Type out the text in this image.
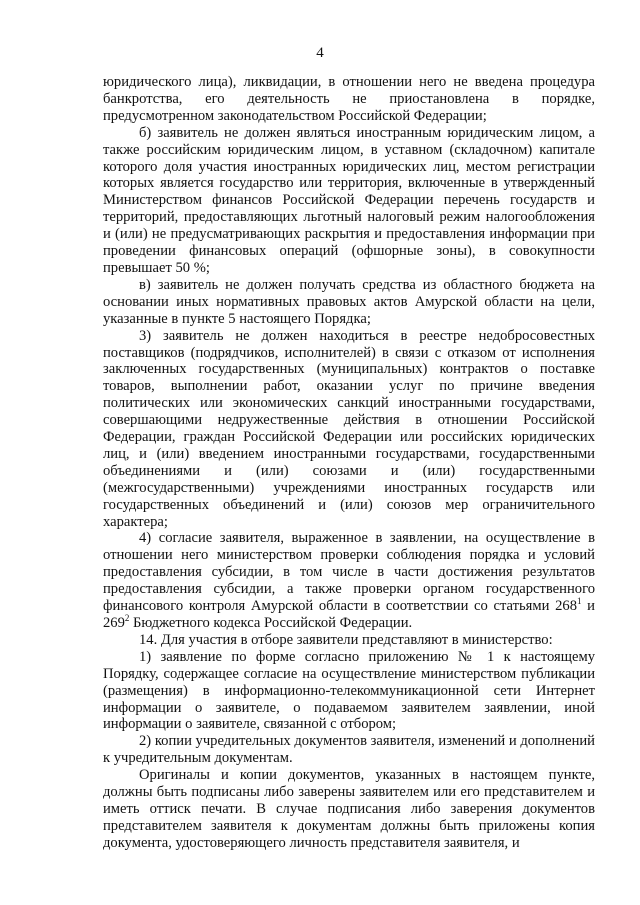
4

юридического лица), ликвидации, в отношении него не введена процедура банкротства, его деятельность не приостановлена в порядке, предусмотренном законодательством Российской Федерации;

б) заявитель не должен являться иностранным юридическим лицом, а также российским юридическим лицом, в уставном (складочном) капитале которого доля участия иностранных юридических лиц, местом регистрации которых является государство или территория, включенные в утвержденный Министерством финансов Российской Федерации перечень государств и территорий, предоставляющих льготный налоговый режим налогообложения и (или) не предусматривающих раскрытия и предоставления информации при проведении финансовых операций (офшорные зоны), в совокупности превышает 50 %;

в) заявитель не должен получать средства из областного бюджета на основании иных нормативных правовых актов Амурской области на цели, указанные в пункте 5 настоящего Порядка;

3) заявитель не должен находиться в реестре недобросовестных поставщиков (подрядчиков, исполнителей) в связи с отказом от исполнения заключенных государственных (муниципальных) контрактов о поставке товаров, выполнении работ, оказании услуг по причине введения политических или экономических санкций иностранными государствами, совершающими недружественные действия в отношении Российской Федерации, граждан Российской Федерации или российских юридических лиц, и (или) введением иностранными государствами, государственными объединениями и (или) союзами и (или) государственными (межгосударственными) учреждениями иностранных государств или государственных объединений и (или) союзов мер ограничительного характера;

4) согласие заявителя, выраженное в заявлении, на осуществление в отношении него министерством проверки соблюдения порядка и условий предоставления субсидии, в том числе в части достижения результатов предоставления субсидии, а также проверки органом государственного финансового контроля Амурской области в соответствии со статьями $268^1$ и $269^2$ Бюджетного кодекса Российской Федерации.

14. Для участия в отборе заявители представляют в министерство:

1) заявление по форме согласно приложению № 1 к настоящему Порядку, содержащее согласие на осуществление министерством публикации (размещения) в информационно-телекоммуникационной сети Интернет информации о заявителе, о подаваемом заявителем заявлении, иной информации о заявителе, связанной с отбором;

2) копии учредительных документов заявителя, изменений и дополнений к учредительным документам.

Оригиналы и копии документов, указанных в настоящем пункте, должны быть подписаны либо заверены заявителем или его представителем и иметь оттиск печати. В случае подписания либо заверения документов представителем заявителя к документам должны быть приложены копия документа, удостоверяющего личность представителя заявителя, и
